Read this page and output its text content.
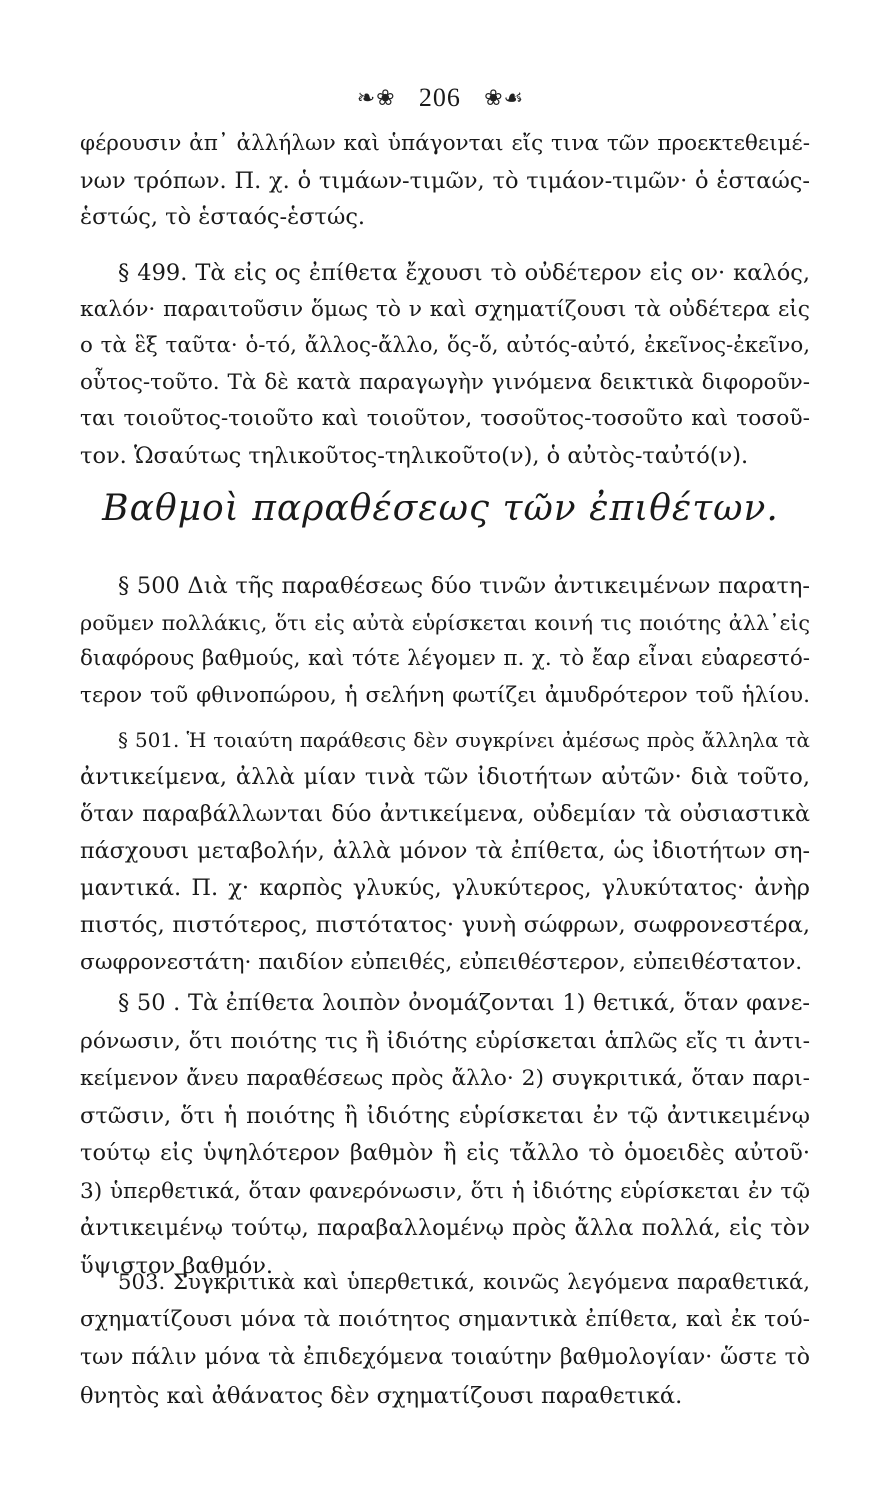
❧❀ 206 ❀☙
φέρουσιν ἀπ᾽ ἀλλήλων καὶ ὑπάγονται εἴς τινα τῶν προεκτεθειμέ-
νων τρόπων. Π. χ. ὁ τιμάων-τιμῶν, τὸ τιμάον-τιμῶν· ὁ ἑσταώς-
ἑστώς, τὸ ἑσταός-ἑστώς.
§ 499. Τὰ εἰς ος ἐπίθετα ἔχουσι τὸ οὐδέτερον εἰς ον· καλός,
καλόν· παραιτοῦσιν ὅμως τὸ ν καὶ σχηματίζουσι τὰ οὐδέτερα εἰς
ο τὰ ἓξ ταῦτα· ὁ-τό, ἄλλος-ἄλλο, ὅς-ὅ, αὐτός-αὐτό, ἐκεῖνος-ἐκεῖνο,
οὗτος-τοῦτο. Τὰ δὲ κατὰ παραγωγὴν γινόμενα δεικτικὰ διφοροῦν-
ται τοιοῦτος-τοιοῦτο καὶ τοιοῦτον, τοσοῦτος-τοσοῦτο καὶ τοσοῦ-
τον. Ὡσαύτως τηλικοῦτος-τηλικοῦτο(ν), ὁ αὐτὸς-ταὐτό(ν).
Βαθμοὶ παραθέσεως τῶν ἐπιθέτων.
§ 500 Διὰ τῆς παραθέσεως δύο τινῶν ἀντικειμένων παρατη-
ροῦμεν πολλάκις, ὅτι εἰς αὐτὰ εὑρίσκεται κοινή τις ποιότης ἀλλ᾽εἰς
διαφόρους βαθμούς, καὶ τότε λέγομεν π. χ. τὸ ἔαρ εἶναι εὐαρεστό-
τερον τοῦ φθινοπώρου, ἡ σελήνη φωτίζει ἀμυδρότερον τοῦ ἡλίου.
§ 501. Ἡ τοιαύτη παράθεσις δὲν συγκρίνει ἀμέσως πρὸς ἄλληλα τὰ
ἀντικείμενα, ἀλλὰ μίαν τινὰ τῶν ἰδιοτήτων αὐτῶν· διὰ τοῦτο,
ὅταν παραβάλλωνται δύο ἀντικείμενα, οὐδεμίαν τὰ οὐσιαστικὰ
πάσχουσι μεταβολήν, ἀλλὰ μόνον τὰ ἐπίθετα, ὡς ἰδιοτήτων ση-
μαντικά. Π. χ· καρπὸς γλυκύς, γλυκύτερος, γλυκύτατος· ἀνὴρ
πιστός, πιστότερος, πιστότατος· γυνὴ σώφρων, σωφρονεστέρα,
σωφρονεστάτη· παιδίον εὐπειθές, εὐπειθέστερον, εὐπειθέστατον.
§ 50 . Τὰ ἐπίθετα λοιπὸν ὀνομάζονται 1) θετικά, ὅταν φανε-
ρόνωσιν, ὅτι ποιότης τις ἢ ἰδιότης εὑρίσκεται ἁπλῶς εἴς τι ἀντι-
κείμενον ἄνευ παραθέσεως πρὸς ἄλλο· 2) συγκριτικά, ὅταν παρι-
στῶσιν, ὅτι ἡ ποιότης ἢ ἰδιότης εὑρίσκεται ἐν τῷ ἀντικειμένῳ
τούτῳ εἰς ὑψηλότερον βαθμὸν ἢ εἰς τἄλλο τὸ ὁμοειδὲς αὐτοῦ·
3) ὑπερθετικά, ὅταν φανερόνωσιν, ὅτι ἡ ἰδιότης εὑρίσκεται ἐν τῷ
ἀντικειμένῳ τούτῳ, παραβαλλομένῳ πρὸς ἄλλα πολλά, εἰς τὸν
ὕψιστον βαθμόν.
503. Συγκριτικὰ καὶ ὑπερθετικά, κοινῶς λεγόμενα παραθετικά,
σχηματίζουσι μόνα τὰ ποιότητος σημαντικὰ ἐπίθετα, καὶ ἐκ τού-
των πάλιν μόνα τὰ ἐπιδεχόμενα τοιαύτην βαθμολογίαν· ὥστε τὸ
θνητὸς καὶ ἀθάνατος δὲν σχηματίζουσι παραθετικά.
